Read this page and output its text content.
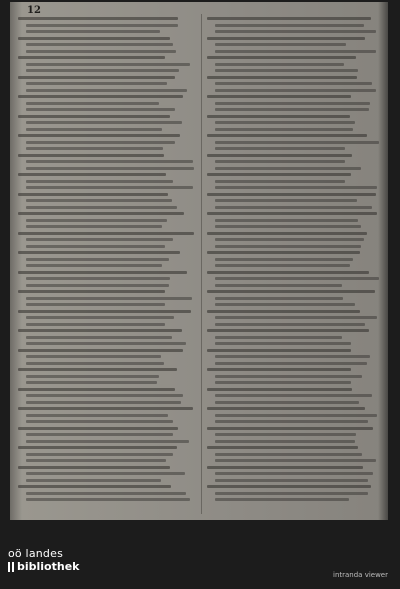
12
oö landes
bibliothek
intranda viewer
